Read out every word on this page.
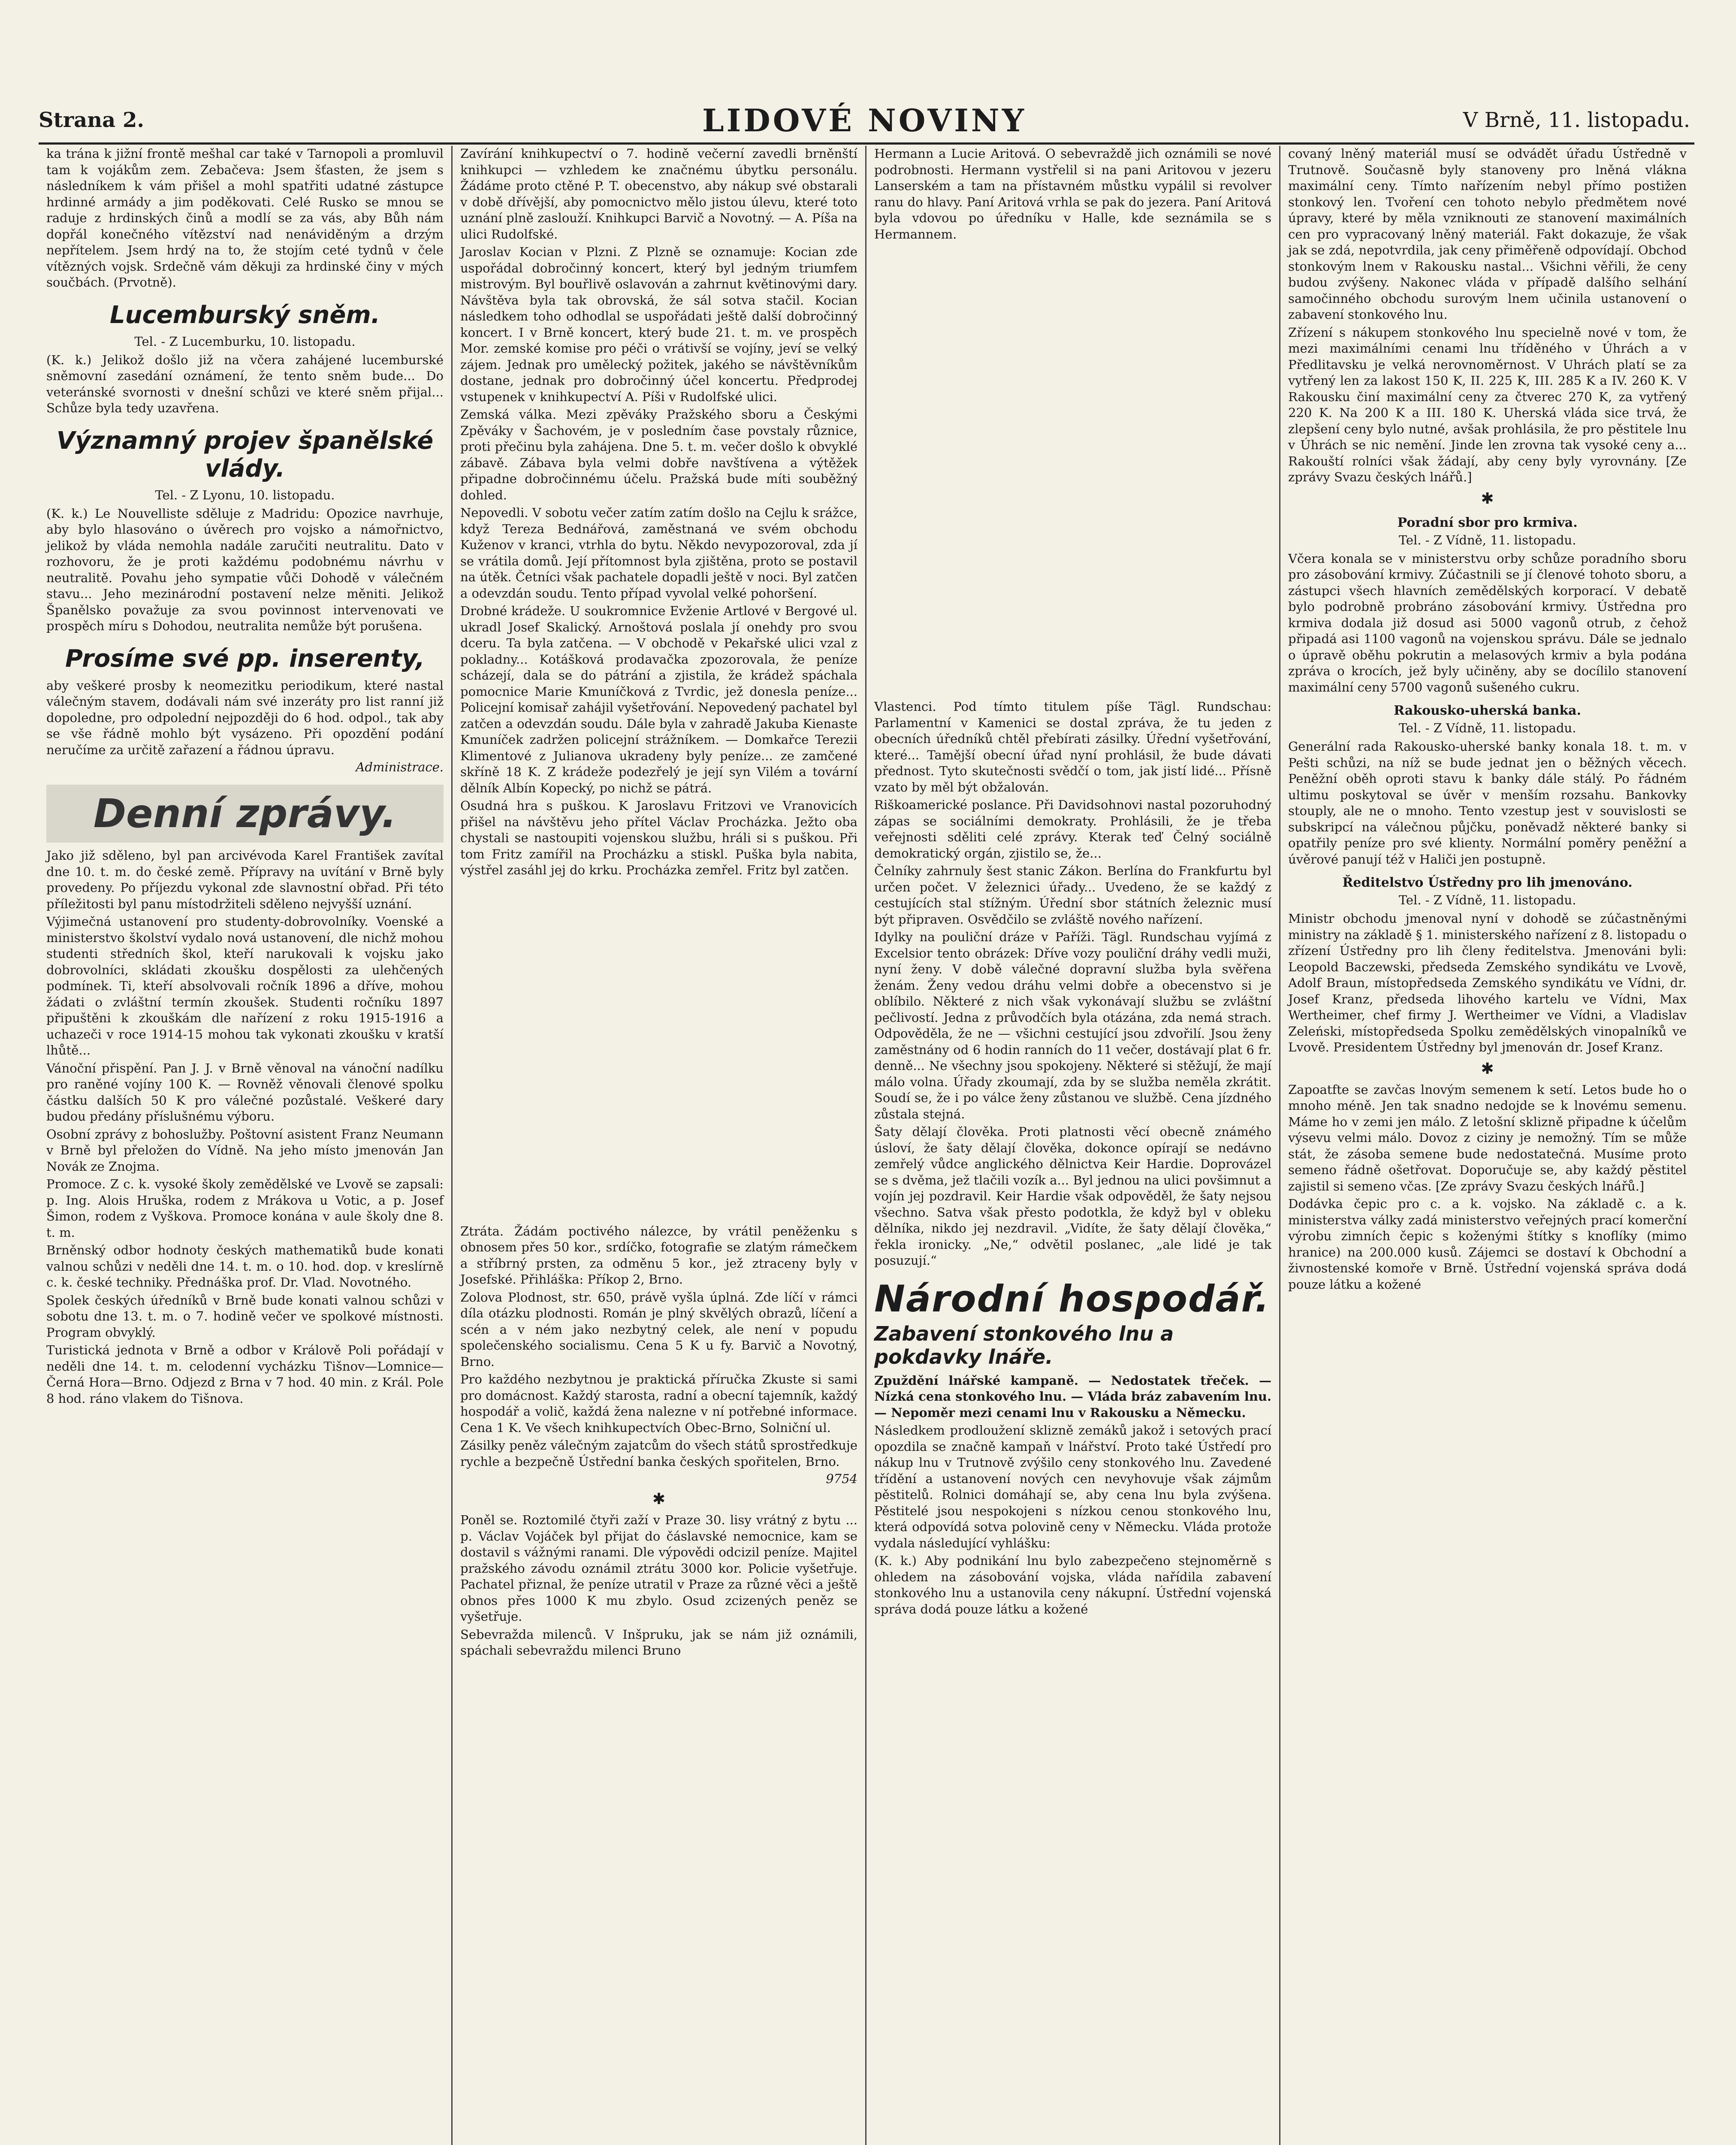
Strana 2.	LIDOVÉ NOVINY	V Brně, 11. listopadu.

ka trána k jižní frontě mešhal car také v Tarnopoli a promluvil tam k vojákům zem. Zebačeva: Jsem šťasten, že jsem s následníkem k vám přišel a mohl spatřiti udatné zástupce hrdinné armády a jim poděkovati. Celé Rusko se mnou se raduje z hrdinských činů a modlí se za vás, aby Bůh nám dopřál konečného vítězství nad nenáviděným a drzým nepřítelem. Jsem hrdý na to, že stojím ceté tydnů v čele vítězných vojsk. Srdečně vám děkuji za hrdinské činy v mých součbách. (Prvotně).

Lucemburský sněm.
Tel. - Z Lucemburku, 10. listopadu.

(K. k.) Jelikož došlo již na včera zahájené lucemburské sněmovní zasedání oznámení, že tento sněm bude... Do veteránské svornosti v dnešní schůzi ve které sněm přijal... Schůze byla tedy uzavřena.

Významný projev španělské vlády.
Tel. - Z Lyonu, 10. listopadu.

(K. k.) Le Nouvelliste sděluje z Madridu: Opozice navrhuje, aby bylo hlasováno o úvěrech pro vojsko a námořnictvo, jelikož by vláda nemohla nadále zaručiti neutralitu. Dato v rozhovoru, že je proti každému podobnému návrhu v neutralitě. Povahu jeho sympatie vůči Dohodě v válečném stavu... Jeho mezinárodní postavení nelze měniti. Jelikož Španělsko považuje za svou povinnost intervenovati ve prospěch míru s Dohodou, neutralita nemůže být porušena.

Prosíme své pp. inserenty,

aby veškeré prosby k neomezitku periodikum, které nastal válečným stavem, dodávali nám své inzeráty pro list ranní již dopoledne, pro odpolední nejpozději do 6 hod. odpol., tak aby se vše řádně mohlo být vysázeno. Při opozdění podání neručíme za určitě zařazení a řádnou úpravu.

Administrace.
Denní zprávy.

Jako již sděleno, byl pan arcivévoda Karel František zavítal dne 10. t. m. do české země. Přípravy na uvítání v Brně byly provedeny. Po příjezdu vykonal zde slavnostní obřad. Při této příležitosti byl panu místodržiteli sděleno nejvyšší uznání.

Výjimečná ustanovení pro studenty-dobrovolníky. Voenské a ministerstvo školství vydalo nová ustanovení, dle nichž mohou studenti středních škol, kteří narukovali k vojsku jako dobrovolníci, skládati zkoušku dospělosti za ulehčených podmínek. Ti, kteří absolvovali ročník 1896 a dříve, mohou žádati o zvláštní termín zkoušek. Studenti ročníku 1897 připuštěni k zkouškám dle nařízení z roku 1915-1916 a uchazeči v roce 1914-15 mohou tak vykonati zkoušku v kratší lhůtě...

Vánoční přispění. Pan J. J. v Brně věnoval na vánoční nadílku pro raněné vojíny 100 K. — Rovněž věnovali členové spolku částku dalších 50 K pro válečné pozůstalé. Veškeré dary budou předány příslušnému výboru.

Osobní zprávy z bohoslužby. Poštovní asistent Franz Neumann v Brně byl přeložen do Vídně. Na jeho místo jmenován Jan Novák ze Znojma.

Promoce. Z c. k. vysoké školy zemědělské ve Lvově se zapsali: p. Ing. Alois Hruška, rodem z Mrákova u Votic, a p. Josef Šimon, rodem z Vyškova. Promoce konána v aule školy dne 8. t. m.

Brněnský odbor hodnoty českých mathematiků bude konati valnou schůzi v neděli dne 14. t. m. o 10. hod. dop. v kreslírně c. k. české techniky. Přednáška prof. Dr. Vlad. Novotného.

Spolek českých úředníků v Brně bude konati valnou schůzi v sobotu dne 13. t. m. o 7. hodině večer ve spolkové místnosti. Program obvyklý.

Turistická jednota v Brně a odbor v Králově Poli pořádají v neděli dne 14. t. m. celodenní vycházku Tišnov—Lomnice—Černá Hora—Brno. Odjezd z Brna v 7 hod. 40 min. z Král. Pole 8 hod. ráno vlakem do Tišnova.

Zavírání knihkupectví o 7. hodině večerní zavedli brněnští knihkupci — vzhledem ke značnému úbytku personálu. Žádáme proto ctěné P. T. obecenstvo, aby nákup své obstarali v době dřívější, aby pomocnictvo mělo jistou úlevu, které toto uznání plně zaslouží. Knihkupci Barvič a Novotný. — A. Píša na ulici Rudolfské.

Jaroslav Kocian v Plzni. Z Plzně se oznamuje: Kocian zde uspořádal dobročinný koncert, který byl jedným triumfem mistrovým. Byl bouřlivě oslavován a zahrnut květinovými dary. Návštěva byla tak obrovská, že sál sotva stačil. Kocian následkem toho odhodlal se uspořádati ještě další dobročinný koncert. I v Brně koncert, který bude 21. t. m. ve prospěch Mor. zemské komise pro péči o vrátivší se vojíny, jeví se velký zájem. Jednak pro umělecký požitek, jakého se návštěvníkům dostane, jednak pro dobročinný účel koncertu. Předprodej vstupenek v knihkupectví A. Píši v Rudolfské ulici.

Zemská válka. Mezi zpěváky Pražského sboru a Českými Zpěváky v Šachovém, je v posledním čase povstaly různice, proti přečinu byla zahájena. Dne 5. t. m. večer došlo k obvyklé zábavě. Zábava byla velmi dobře navštívena a výtěžek připadne dobročinnému účelu. Pražská bude míti souběžný dohled.

Nepovedli. V sobotu večer zatím zatím došlo na Cejlu k srážce, když Tereza Bednářová, zaměstnaná ve svém obchodu Kuženov v kranci, vtrhla do bytu. Někdo nevypozoroval, zda jí se vrátila domů. Její přítomnost byla zjištěna, proto se postavil na útěk. Četníci však pachatele dopadli ještě v noci. Byl zatčen a odevzdán soudu. Tento případ vyvolal velké pohoršení.

Drobné krádeže. U soukromnice Evženie Artlové v Bergové ul. ukradl Josef Skalický. Arnoštová poslala jí onehdy pro svou dceru. Ta byla zatčena. — V obchodě v Pekařské ulici vzal z pokladny... Kotášková prodavačka zpozorovala, že peníze scházejí, dala se do pátrání a zjistila, že krádež spáchala pomocnice Marie Kmuníčková z Tvrdic, jež donesla peníze... Policejní komisař zahájil vyšetřování. Nepovedený pachatel byl zatčen a odevzdán soudu. Dále byla v zahradě Jakuba Kienaste Kmuníček zadržen policejní strážníkem. — Domkařce Terezii Klimentové z Julianova ukradeny byly peníze... ze zamčené skříně 18 K. Z krádeže podezřelý je její syn Vilém a tovární dělník Albín Kopecký, po nichž se pátrá.

Osudná hra s puškou. K Jaroslavu Fritzovi ve Vranovicích přišel na návštěvu jeho přítel Václav Procházka. Ježto oba chystali se nastoupiti vojenskou službu, hráli si s puškou. Při tom Fritz zamířil na Procházku a stiskl. Puška byla nabita, výstřel zasáhl jej do krku. Procházka zemřel. Fritz byl zatčen.

Ztráta. Žádám poctivého nálezce, by vrátil peněženku s obnosem přes 50 kor., srdíčko, fotografie se zlatým rámečkem a stříbrný prsten, za odměnu 5 kor., jež ztraceny byly v Josefské. Přihláška: Příkop 2, Brno.

Zolova Plodnost, str. 650, právě vyšla úplná. Zde líčí v rámci díla otázku plodnosti. Román je plný skvělých obrazů, líčení a scén a v ném jako nezbytný celek, ale není v popudu společenského socialismu. Cena 5 K u fy. Barvič a Novotný, Brno.

Pro každého nezbytnou je praktická příručka Zkuste si sami pro domácnost. Každý starosta, radní a obecní tajemník, každý hospodář a volič, každá žena nalezne v ní potřebné informace. Cena 1 K. Ve všech knihkupectvích Obec-Brno, Solniční ul.

Zásilky peněz válečným zajatcům do všech států sprostředkuje rychle a bezpečně Ústřední banka českých spořitelen, Brno.

9754
✱

Poněl se. Roztomilé čtyři zaží v Praze 30. lisy vrátný z bytu ... p. Václav Vojáček byl přijat do čáslavské nemocnice, kam se dostavil s vážnými ranami. Dle výpovědi odcizil peníze. Majitel pražského závodu oznámil ztrátu 3000 kor. Policie vyšetřuje. Pachatel přiznal, že peníze utratil v Praze za různé věci a ještě obnos přes 1000 K mu zbylo. Osud zcizených peněz se vyšetřuje.

Sebevražda milenců. V Inšpruku, jak se nám již oznámili, spáchali sebevraždu milenci Bruno

Hermann a Lucie Aritová. O sebevraždě jich oznámili se nové podrobnosti. Hermann vystřelil si na pani Aritovou v jezeru Lanserském a tam na přístavném můstku vypálil si revolver ranu do hlavy. Paní Aritová vrhla se pak do jezera. Paní Aritová byla vdovou po úředníku v Halle, kde seznámila se s Hermannem.

Vlastenci. Pod tímto titulem píše Tägl. Rundschau: Parlamentní v Kamenici se dostal zpráva, že tu jeden z obecních úředníků chtěl přebírati zásilky. Úřední vyšetřování, které... Tamější obecní úřad nyní prohlásil, že bude dávati přednost. Tyto skutečnosti svědčí o tom, jak jistí lidé... Přísně vzato by měl být obžalován.

Riškoamerické poslance. Při Davidsohnovi nastal pozoruhodný zápas se sociálními demokraty. Prohlásili, že je třeba veřejnosti sděliti celé zprávy. Kterak teď Čelný sociálně demokratický orgán, zjistilo se, že...

Čelníky zahrnuly šest stanic Zákon. Berlína do Frankfurtu byl určen počet. V železnici úřady... Uvedeno, že se každý z cestujících stal stížným. Úřední sbor státních železnic musí být připraven. Osvědčilo se zvláště nového nařízení.

Idylky na pouliční dráze v Paříži. Tägl. Rundschau vyjímá z Excelsior tento obrázek: Dříve vozy pouliční dráhy vedli muži, nyní ženy. V době válečné dopravní služba byla svěřena ženám. Ženy vedou dráhu velmi dobře a obecenstvo si je oblíbilo. Některé z nich však vykonávají službu se zvláštní pečlivostí. Jedna z průvodčích byla otázána, zda nemá strach. Odpověděla, že ne — všichni cestující jsou zdvořilí. Jsou ženy zaměstnány od 6 hodin ranních do 11 večer, dostávají plat 6 fr. denně... Ne všechny jsou spokojeny. Některé si stěžují, že mají málo volna. Úřady zkoumají, zda by se služba neměla zkrátit. Soudí se, že i po válce ženy zůstanou ve službě. Cena jízdného zůstala stejná.

Šaty dělají člověka. Proti platnosti věcí obecně známého úsloví, že šaty dělají člověka, dokonce opírají se nedávno zemřelý vůdce anglického dělnictva Keir Hardie. Doprovázel se s dvěma, jež tlačili vozík a... Byl jednou na ulici povšimnut a vojín jej pozdravil. Keir Hardie však odpověděl, že šaty nejsou všechno. Satva však přesto podotkla, že když byl v obleku dělníka, nikdo jej nezdravil. „Vidíte, že šaty dělají člověka,“ řekla ironicky. „Ne,“ odvětil poslanec, „ale lidé je tak posuzují.“

Národní hospodář.
Zabavení stonkového lnu a pokdavky lnáře.

Zpuždění lnářské kampaně. — Nedostatek třeček. — Nízká cena stonkového lnu. — Vláda bráz zabavením lnu. — Nepoměr mezi cenami lnu v Rakousku a Německu.

Následkem prodloužení sklizně zemáků jakož i setových prací opozdila se značně kampaň v lnářství. Proto také Ústředí pro nákup lnu v Trutnově zvýšilo ceny stonkového lnu. Zavedené třídění a ustanovení nových cen nevyhovuje však zájmům pěstitelů. Rolnici domáhají se, aby cena lnu byla zvýšena. Pěstitelé jsou nespokojeni s nízkou cenou stonkového lnu, která odpovídá sotva polovině ceny v Německu. Vláda protože vydala následující vyhlášku:

(K. k.) Aby podnikání lnu bylo zabezpečeno stejnoměrně s ohledem na zásobování vojska, vláda nařídila zabavení stonkového lnu a ustanovila ceny nákupní. Ústřední vojenská správa dodá pouze látku a kožené

covaný lněný materiál musí se odvádět úřadu Ústředně v Trutnově. Současně byly stanoveny pro lněná vlákna maximální ceny. Tímto nařízením nebyl přímo postižen stonkový len. Tvoření cen tohoto nebylo předmětem nové úpravy, které by měla vzniknouti ze stanovení maximálních cen pro vypracovaný lněný materiál. Fakt dokazuje, že však jak se zdá, nepotvrdila, jak ceny přiměřeně odpovídají. Obchod stonkovým lnem v Rakousku nastal... Všichni věřili, že ceny budou zvýšeny. Nakonec vláda v případě dalšího selhání samočinného obchodu surovým lnem učinila ustanovení o zabavení stonkového lnu.

Zřízení s nákupem stonkového lnu specielně nové v tom, že mezi maximálními cenami lnu tříděného v Úhrách a v Předlitavsku je velká nerovnoměrnost. V Uhrách platí se za vytřený len za lakost 150 K, II. 225 K, III. 285 K a IV. 260 K. V Rakousku činí maximální ceny za čtverec 270 K, za vytřený 220 K. Na 200 K a III. 180 K. Uherská vláda sice trvá, že zlepšení ceny bylo nutné, avšak prohlásila, že pro pěstitele lnu v Úhrách se nic nemění. Jinde len zrovna tak vysoké ceny a... Rakouští rolníci však žádají, aby ceny byly vyrovnány. [Ze zprávy Svazu českých lnářů.]

✱
Poradní sbor pro krmiva.
Tel. - Z Vídně, 11. listopadu.

Včera konala se v ministerstvu orby schůze poradního sboru pro zásobování krmivy. Zúčastnili se jí členové tohoto sboru, a zástupci všech hlavních zemědělských korporací. V debatě bylo podrobně probráno zásobování krmivy. Ústředna pro krmiva dodala již dosud asi 5000 vagonů otrub, z čehož připadá asi 1100 vagonů na vojenskou správu. Dále se jednalo o úpravě oběhu pokrutin a melasových krmiv a byla podána zpráva o krocích, jež byly učiněny, aby se docílilo stanovení maximální ceny 5700 vagonů sušeného cukru.

Rakousko-uherská banka.
Tel. - Z Vídně, 11. listopadu.

Generální rada Rakousko-uherské banky konala 18. t. m. v Pešti schůzi, na níž se bude jednat jen o běžných věcech. Peněžní oběh oproti stavu k banky dále stálý. Po řádném ultimu poskytoval se úvěr v menším rozsahu. Bankovky stouply, ale ne o mnoho. Tento vzestup jest v souvislosti se subskripcí na válečnou půjčku, poněvadž některé banky si opatřily peníze pro své klienty. Normální poměry peněžní a úvěrové panují též v Haliči jen postupně.

Ředitelstvo Ústředny pro lih jmenováno.
Tel. - Z Vídně, 11. listopadu.

Ministr obchodu jmenoval nyní v dohodě se zúčastněnými ministry na základě § 1. ministerského nařízení z 8. listopadu o zřízení Ústředny pro lih členy ředitelstva. Jmenováni byli: Leopold Baczewski, předseda Zemského syndikátu ve Lvově, Adolf Braun, místopředseda Zemského syndikátu ve Vídni, dr. Josef Kranz, předseda lihového kartelu ve Vídni, Max Wertheimer, chef firmy J. Wertheimer ve Vídni, a Vladislav Zeleński, místopředseda Spolku zemědělských vinopalníků ve Lvově. Presidentem Ústředny byl jmenován dr. Josef Kranz.

✱

Zapoatfte se zavčas lnovým semenem k setí. Letos bude ho o mnoho méně. Jen tak snadno nedojde se k lnovému semenu. Máme ho v zemi jen málo. Z letošní sklizně připadne k účelům výsevu velmi málo. Dovoz z ciziny je nemožný. Tím se může stát, že zásoba semene bude nedostatečná. Musíme proto semeno řádně ošetřovat. Doporučuje se, aby každý pěstitel zajistil si semeno včas. [Ze zprávy Svazu českých lnářů.]

Dodávka čepic pro c. a k. vojsko. Na základě c. a k. ministerstva války zadá ministerstvo veřejných prací komerční výrobu zimních čepic s koženými štítky s knoflíky (mimo hranice) na 200.000 kusů. Zájemci se dostaví k Obchodní a živnostenské komoře v Brně. Ústřední vojenská správa dodá pouze látku a kožené
